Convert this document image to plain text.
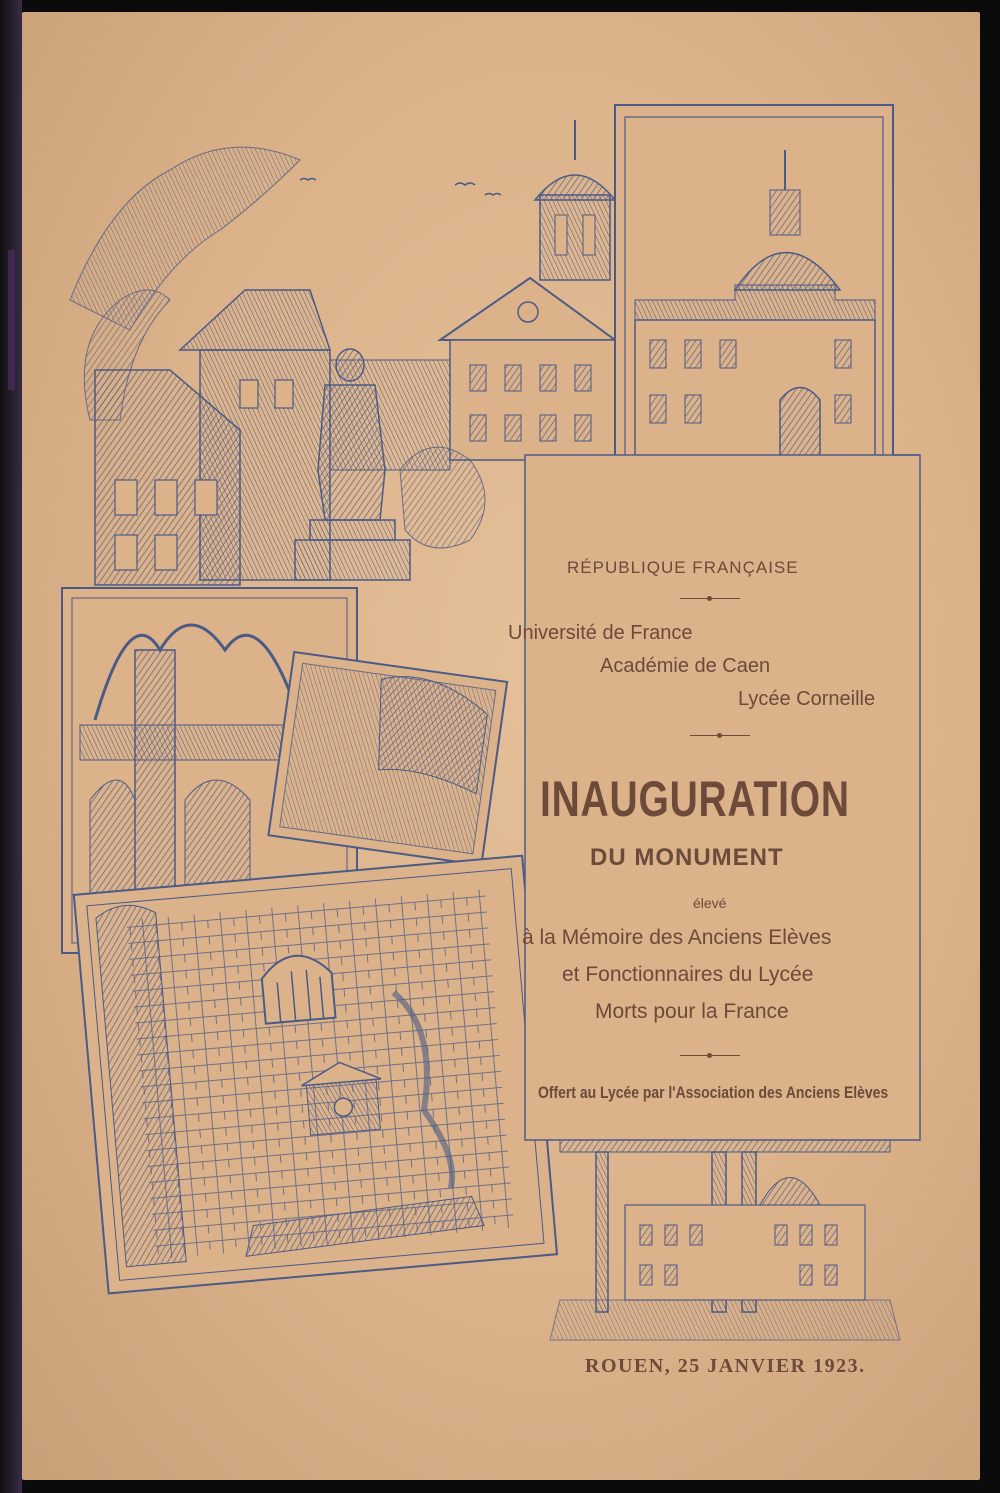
RÉPUBLIQUE FRANÇAISE

Université de France

Académie de Caen

Lycée Corneille

INAUGURATION

DU MONUMENT

élevé

à la Mémoire des Anciens Elèves

et Fonctionnaires du Lycée

Morts pour la France

Offert au Lycée par l'Association des Anciens Elèves

ROUEN, 25 JANVIER 1923.
